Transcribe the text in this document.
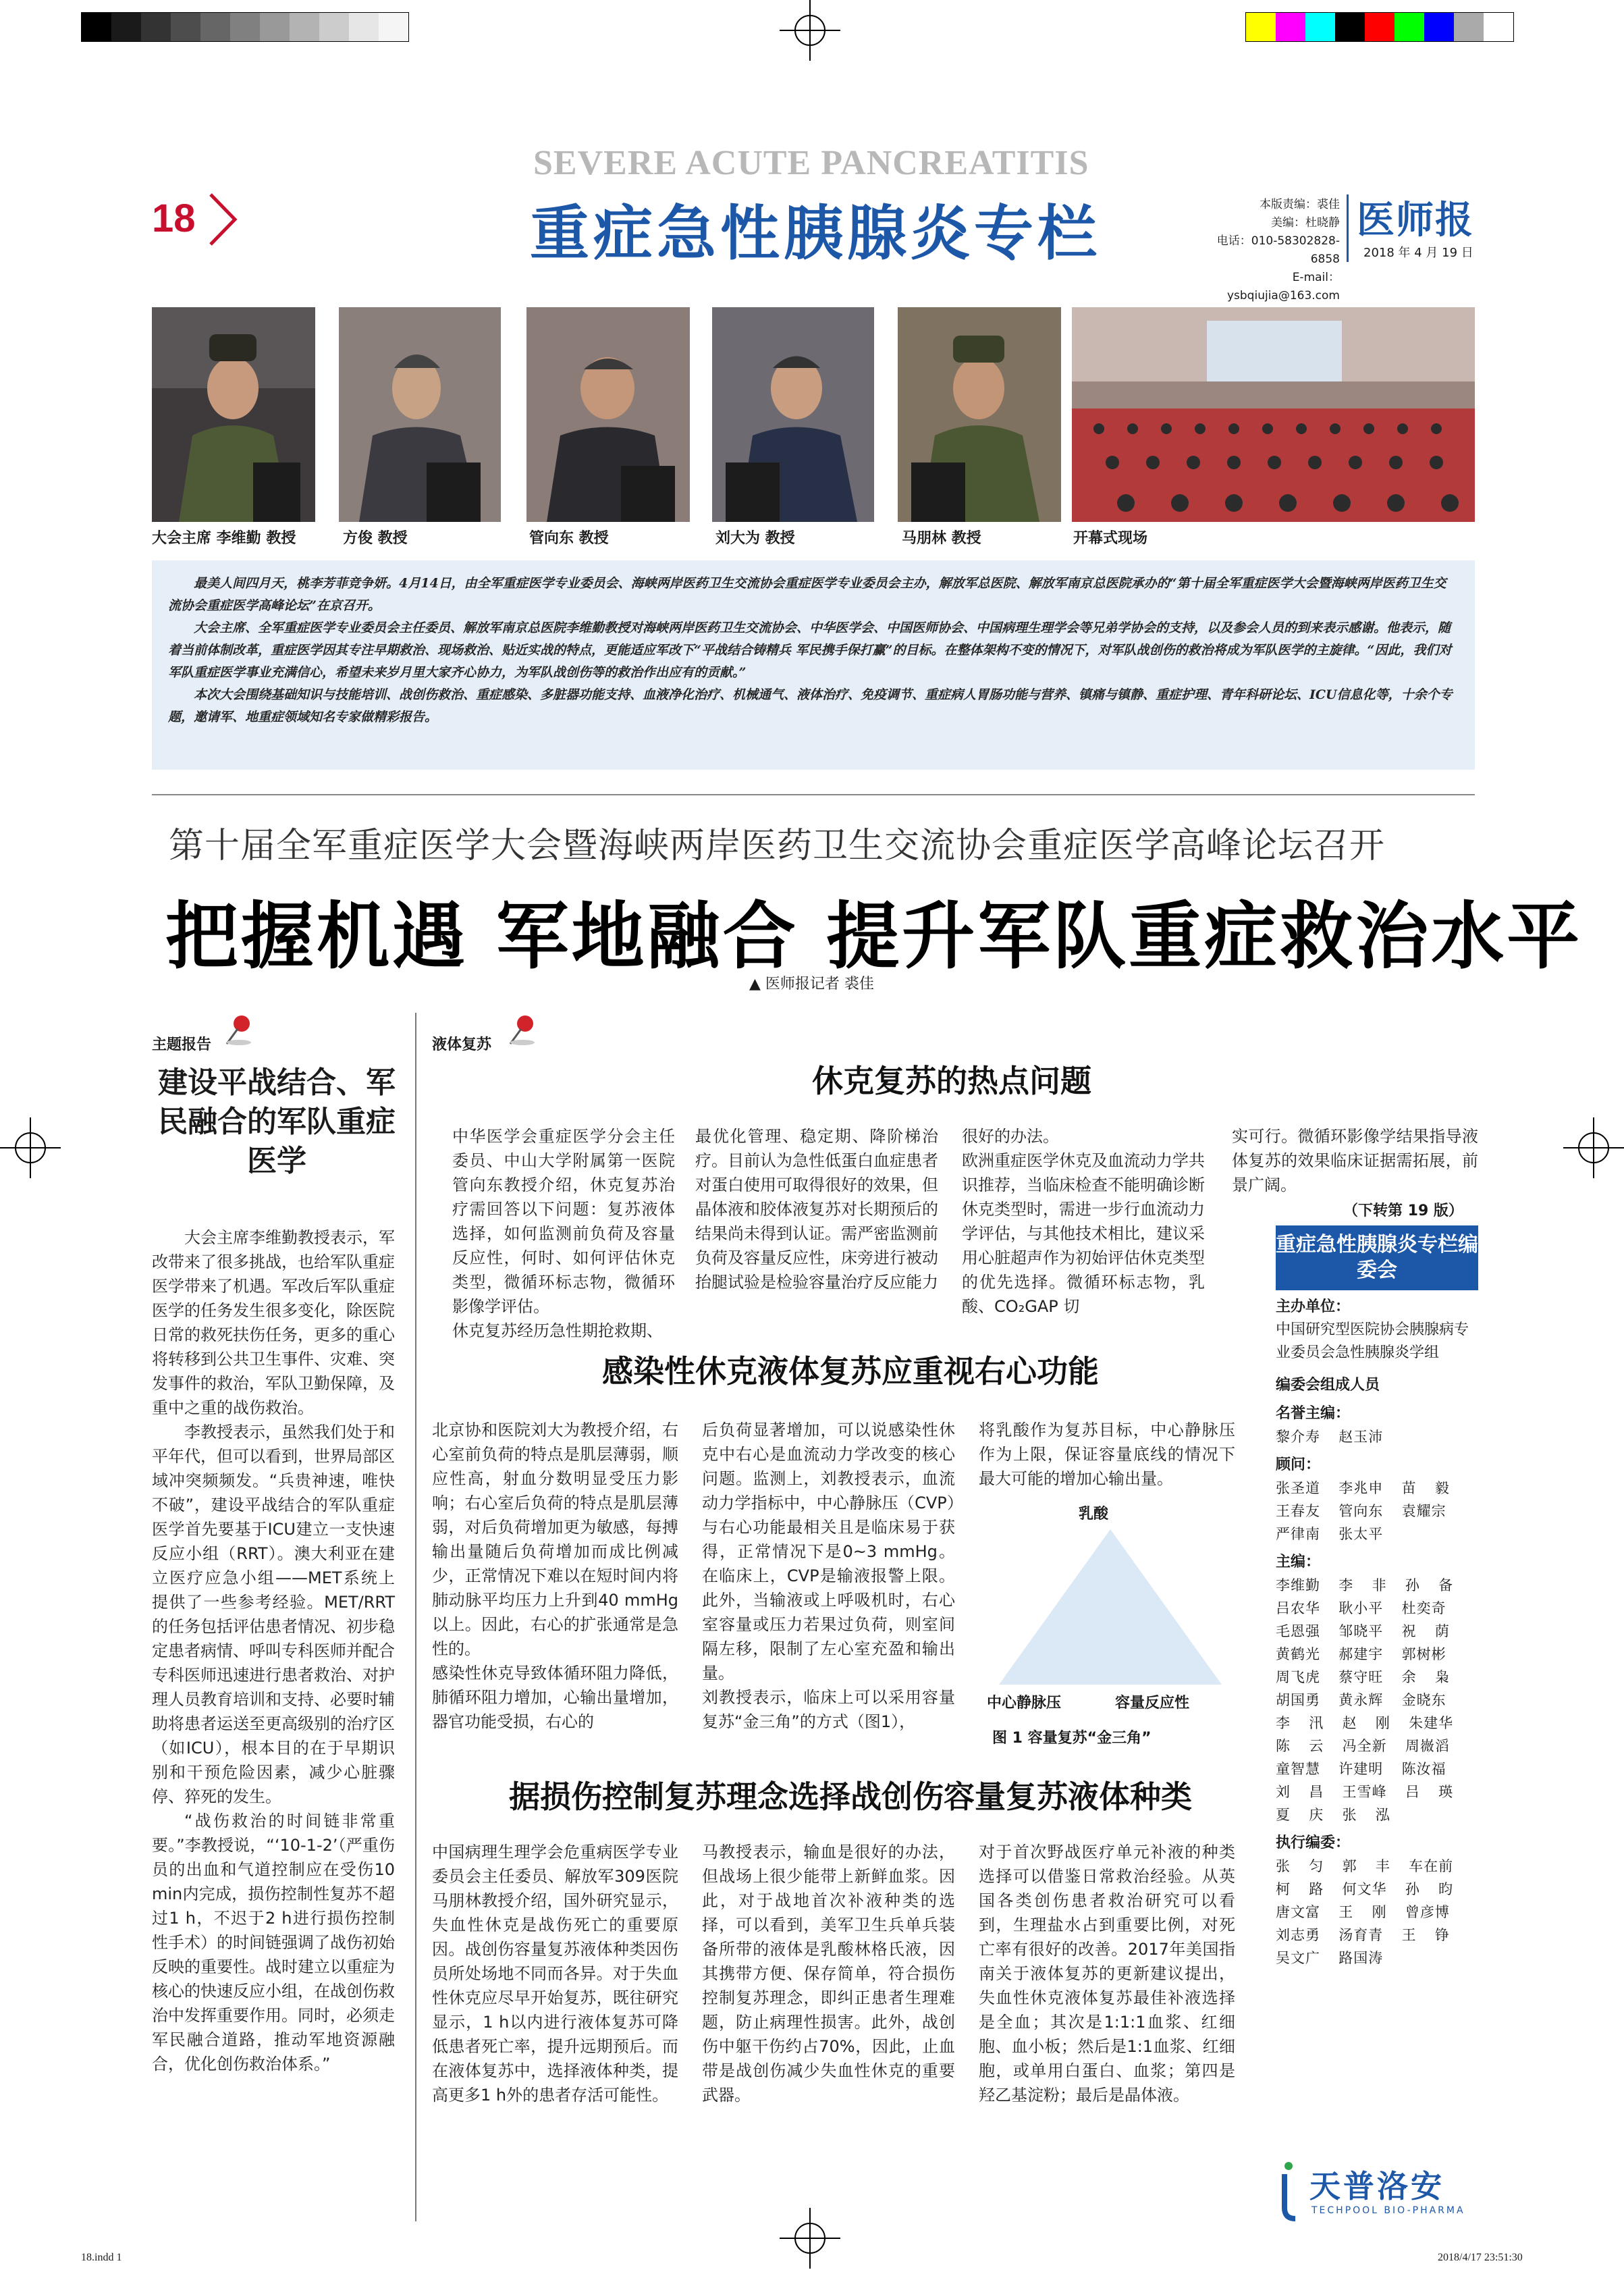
18
SEVERE ACUTE PANCREATITIS
重症急性胰腺炎专栏	本版责编：裘佳
美编：杜晓静
电话：010-58302828-6858
E-mail：ysbqiujia@163.com
医师报
2018 年 4 月 19 日
大会主席 李维勤 教授	方俊 教授	管向东 教授	刘大为 教授	马朋林 教授	开幕式现场

最美人间四月天，桃李芳菲竞争妍。4月14日，由全军重症医学专业委员会、海峡两岸医药卫生交流协会重症医学专业委员会主办，解放军总医院、解放军南京总医院承办的“第十届全军重症医学大会暨海峡两岸医药卫生交流协会重症医学高峰论坛”在京召开。

大会主席、全军重症医学专业委员会主任委员、解放军南京总医院李维勤教授对海峡两岸医药卫生交流协会、中华医学会、中国医师协会、中国病理生理学会等兄弟学协会的支持，以及参会人员的到来表示感谢。他表示，随着当前体制改革，重症医学因其专注早期救治、现场救治、贴近实战的特点，更能适应军改下“平战结合铸精兵 军民携手保打赢”的目标。在整体架构不变的情况下，对军队战创伤的救治将成为军队医学的主旋律。“因此，我们对军队重症医学事业充满信心，希望未来岁月里大家齐心协力，为军队战创伤等的救治作出应有的贡献。”

本次大会围绕基础知识与技能培训、战创伤救治、重症感染、多脏器功能支持、血液净化治疗、机械通气、液体治疗、免疫调节、重症病人胃肠功能与营养、镇痛与镇静、重症护理、青年科研论坛、ICU信息化等，十余个专题，邀请军、地重症领域知名专家做精彩报告。

第十届全军重症医学大会暨海峡两岸医药卫生交流协会重症医学高峰论坛召开
把握机遇 军地融合 提升军队重症救治水平
▲ 医师报记者 裘佳
主题报告
建设平战结合、军民融合的军队重症医学

大会主席李维勤教授表示，军改带来了很多挑战，也给军队重症医学带来了机遇。军改后军队重症医学的任务发生很多变化，除医院日常的救死扶伤任务，更多的重心将转移到公共卫生事件、灾难、突发事件的救治，军队卫勤保障，及重中之重的战伤救治。

李教授表示，虽然我们处于和平年代，但可以看到，世界局部区域冲突频频发。“兵贵神速，唯快不破”，建设平战结合的军队重症医学首先要基于ICU建立一支快速反应小组（RRT）。澳大利亚在建立医疗应急小组——MET系统上提供了一些参考经验。MET/RRT的任务包括评估患者情况、初步稳定患者病情、呼叫专科医师并配合专科医师迅速进行患者救治、对护理人员教育培训和支持、必要时辅助将患者运送至更高级别的治疗区（如ICU），根本目的在于早期识别和干预危险因素，减少心脏骤停、猝死的发生。

“战伤救治的时间链非常重要。”李教授说，“‘10-1-2’（严重伤员的出血和气道控制应在受伤10 min内完成，损伤控制性复苏不超过1 h，不迟于2 h进行损伤控制性手术）的时间链强调了战伤初始反映的重要性。战时建立以重症为核心的快速反应小组，在战创伤救治中发挥重要作用。同时，必须走军民融合道路，推动军地资源融合，优化创伤救治体系。”

液体复苏
休克复苏的热点问题
中华医学会重症医学分会主任委员、中山大学附属第一医院管向东教授介绍，休克复苏治疗需回答以下问题：复苏液体选择，如何监测前负荷及容量反应性，何时、如何评估休克类型，微循环标志物，微循环影像学评估。
休克复苏经历急性期抢救期、
最优化管理、稳定期、降阶梯治疗。目前认为急性低蛋白血症患者对蛋白使用可取得很好的效果，但晶体液和胶体液复苏对长期预后的结果尚未得到认证。需严密监测前负荷及容量反应性，床旁进行被动抬腿试验是检验容量治疗反应能力
很好的办法。
欧洲重症医学休克及血流动力学共识推荐，当临床检查不能明确诊断休克类型时，需进一步行血流动力学评估，与其他技术相比，建议采用心脏超声作为初始评估休克类型的优先选择。微循环标志物，乳酸、CO₂GAP 切
实可行。微循环影像学结果指导液体复苏的效果临床证据需拓展，前景广阔。
（下转第 19 版）
感染性休克液体复苏应重视右心功能
北京协和医院刘大为教授介绍，右心室前负荷的特点是肌层薄弱，顺应性高，射血分数明显受压力影响；右心室后负荷的特点是肌层薄弱，对后负荷增加更为敏感，每搏输出量随后负荷增加而成比例减少，正常情况下难以在短时间内将肺动脉平均压力上升到40 mmHg以上。因此，右心的扩张通常是急性的。
感染性休克导致体循环阻力降低，肺循环阻力增加，心输出量增加，器官功能受损，右心的
后负荷显著增加，可以说感染性休克中右心是血流动力学改变的核心问题。监测上，刘教授表示，血流动力学指标中，中心静脉压（CVP）与右心功能最相关且是临床易于获得，正常情况下是0~3 mmHg。在临床上，CVP是输液报警上限。此外，当输液或上呼吸机时，右心室容量或压力若果过负荷，则室间隔左移，限制了左心室充盈和输出量。
刘教授表示，临床上可以采用容量复苏“金三角”的方式（图1），
将乳酸作为复苏目标，中心静脉压作为上限，保证容量底线的情况下最大可能的增加心输出量。
乳酸
中心静脉压	容量反应性
图 1 容量复苏“金三角”
据损伤控制复苏理念选择战创伤容量复苏液体种类
中国病理生理学会危重病医学专业委员会主任委员、解放军309医院马朋林教授介绍，国外研究显示，失血性休克是战伤死亡的重要原因。战创伤容量复苏液体种类因伤员所处场地不同而各异。对于失血性休克应尽早开始复苏，既往研究显示，1 h以内进行液体复苏可降低患者死亡率，提升远期预后。而在液体复苏中，选择液体种类，提高更多1 h外的患者存活可能性。
马教授表示，输血是很好的办法，但战场上很少能带上新鲜血浆。因此，对于战地首次补液种类的选择，可以看到，美军卫生兵单兵装备所带的液体是乳酸林格氏液，因其携带方便、保存简单，符合损伤控制复苏理念，即纠正患者生理难题，防止病理性损害。此外，战创伤中躯干伤约占70%，因此，止血带是战创伤减少失血性休克的重要武器。
对于首次野战医疗单元补液的种类选择可以借鉴日常救治经验。从英国各类创伤患者救治研究可以看到，生理盐水占到重要比例，对死亡率有很好的改善。2017年美国指南关于液体复苏的更新建议提出，失血性休克液体复苏最佳补液选择是全血；其次是1:1:1血浆、红细胞、血小板；然后是1:1血浆、红细胞，或单用白蛋白、血浆；第四是羟乙基淀粉；最后是晶体液。
重症急性胰腺炎专栏编委会
主办单位：
中国研究型医院协会胰腺病专业委员会急性胰腺炎学组
编委会组成人员
名誉主编：
黎介寿  赵玉沛
顾问：
张圣道  李兆申  苗  毅
王春友  管向东  袁耀宗
严律南  张太平
主编：
李维勤  李  非  孙  备
吕农华  耿小平  杜奕奇
毛恩强  邹晓平  祝  荫
黄鹤光  郝建宇  郭树彬
周飞虎  蔡守旺  余  枭
胡国勇  黄永辉  金晓东
李  汛  赵  刚  朱建华
陈  云  冯全新  周嶶滔
童智慧  许建明  陈汝福
刘  昌  王雪峰  吕  瑛
夏  庆  张  泓
执行编委：
张  匀  郭  丰  车在前
柯  路  何文华  孙  昀
唐文富  王  刚  曾彦博
刘志勇  汤育青  王  铮
吴文广  路国涛
天普洛安
TECHPOOL BIO-PHARMA
18.indd 1	2018/4/17 23:51:30
